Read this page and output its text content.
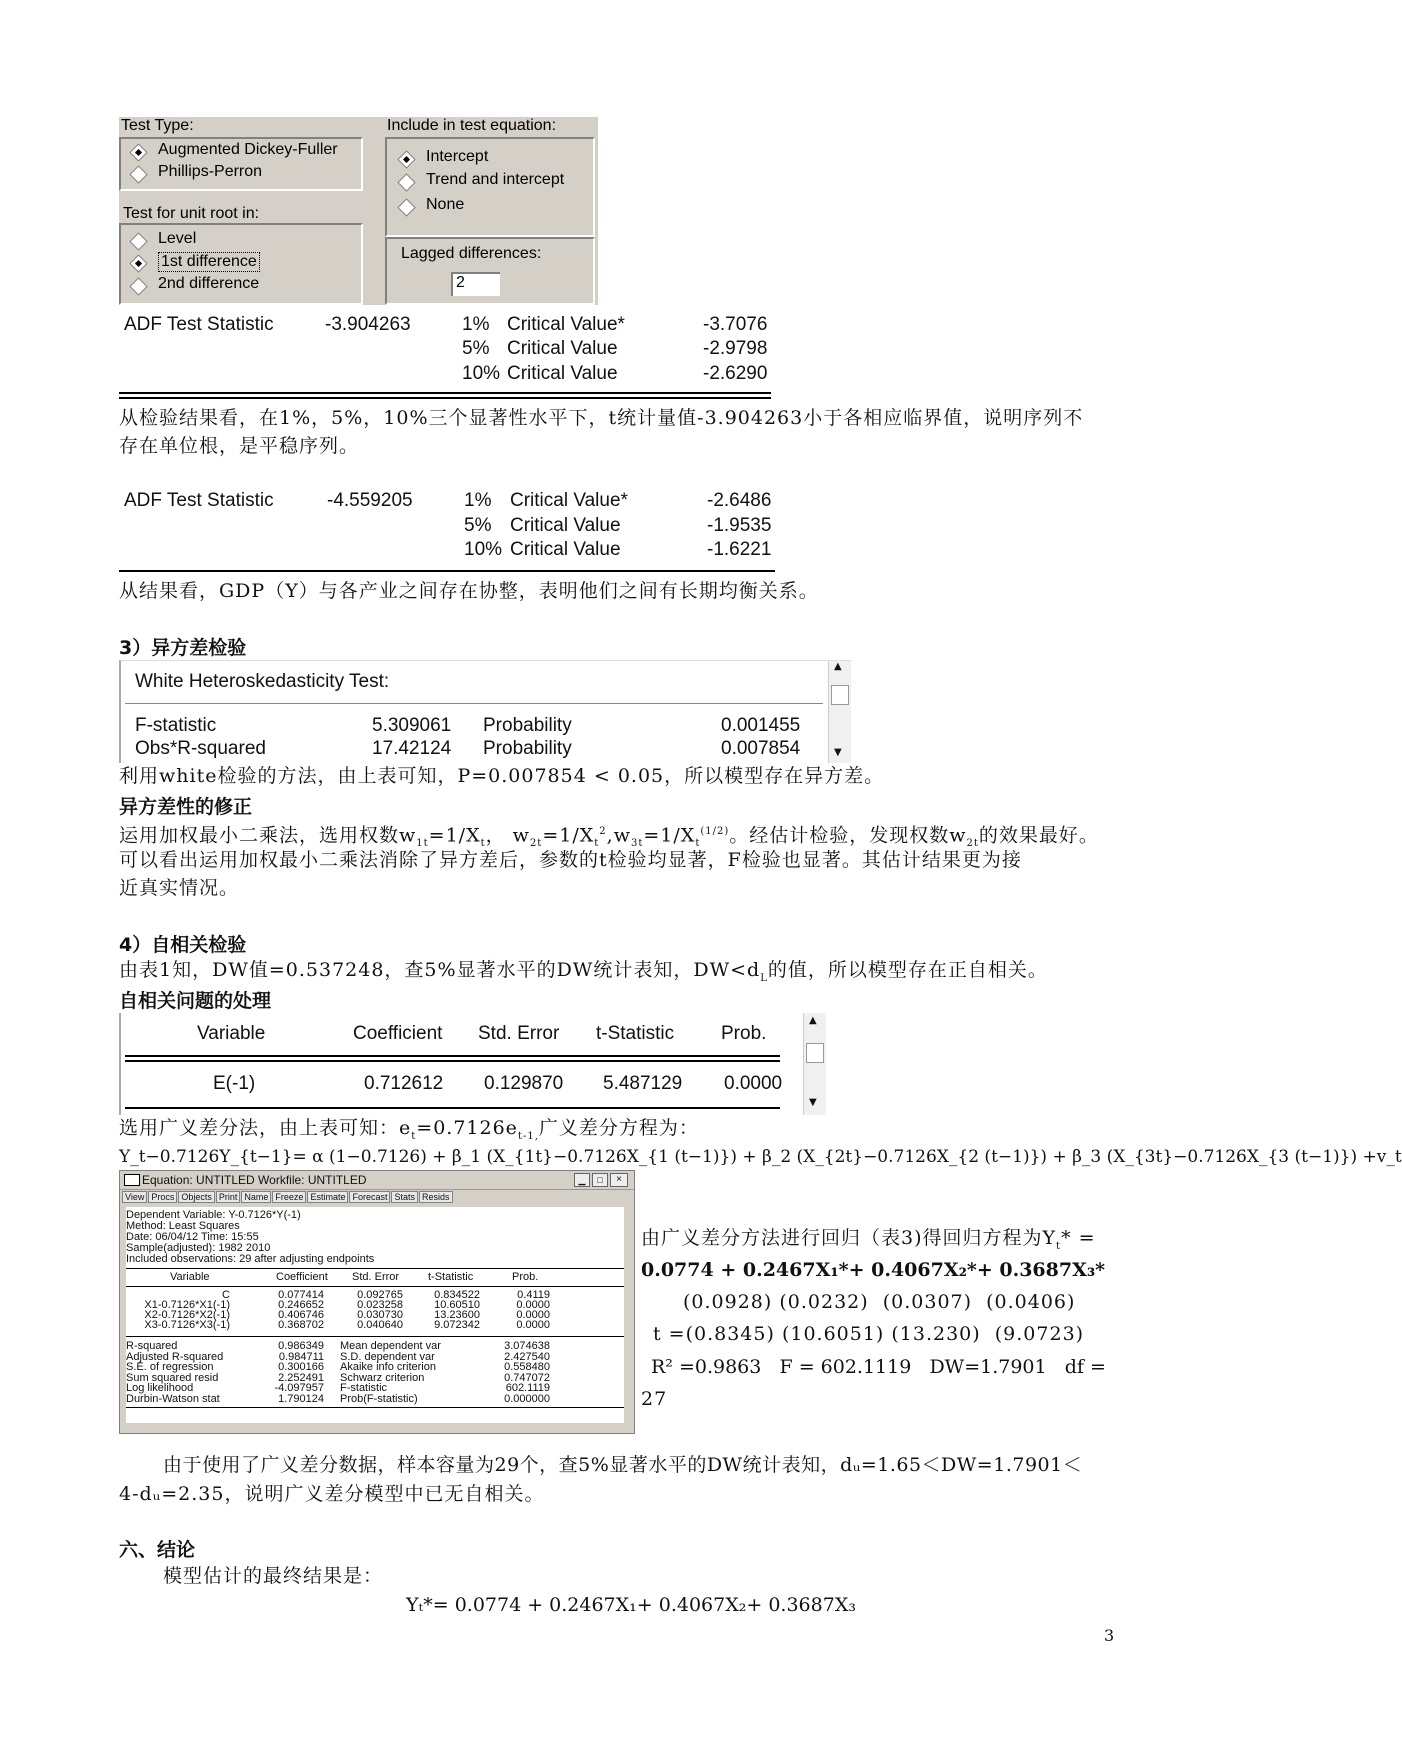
Test Type:
Augmented Dickey-Fuller
Phillips-Perron
Test for unit root in:
Level
1st difference
2nd difference
Include in test equation:
Intercept
Trend and intercept
None
Lagged differences:
2
ADF Test Statistic	-3.904263	1% Critical Value*	-3.7076
5% Critical Value	-2.9798
10% Critical Value	-2.6290
从检验结果看，在1%，5%，10%三个显著性水平下，t统计量值-3.904263小于各相应临界值，说明序列不
存在单位根，是平稳序列。
ADF Test Statistic	-4.559205	1% Critical Value*	-2.6486
5% Critical Value	-1.9535
10% Critical Value	-1.6221
从结果看，GDP（Y）与各产业之间存在协整，表明他们之间有长期均衡关系。
3）异方差检验
White Heteroskedasticity Test:
F-statistic	5.309061 Probability	0.001455
Obs*R-squared	17.42124 Probability	0.007854
▲
▼
利用white检验的方法，由上表可知，P=0.007854 < 0.05，所以模型存在异方差。
异方差性的修正
运用加权最小二乘法，选用权数$w_{1t}=1/X_t$， $w_{2t}=1/X_t^2,w_{3t}=1/X_t^{(1/2)}$。经估计检验，发现权数$w_{2t}$的效果最好。
可以看出运用加权最小二乘法消除了异方差后，参数的t检验均显著，F检验也显著。其估计结果更为接
近真实情况。
4）自相关检验
由表1知，DW值=0.537248，查5%显著水平的DW统计表知，$DW<d_L$的值，所以模型存在正自相关。
自相关问题的处理
Variable	Coefficient Std. Error t-Statistic Prob.
E(-1)	0.712612 0.129870 5.487129 0.0000
▲
▼
选用广义差分法，由上表可知：$e_t=0.7126e_{t-1,}$广义差分方程为：
Y_t−0.7126Y_{t−1}= α (1−0.7126) + β_1 (X_{1t}−0.7126X_{1 (t−1)}) + β_2 (X_{2t}−0.7126X_{2 (t−1)}) + β_3 (X_{3t}−0.7126X_{3 (t−1)}) +v_t
Equation: UNTITLED Workfile: UNTITLED	▁	□	×
View Procs Objects Print Name Freeze Estimate Forecast Stats Resids
Dependent Variable: Y-0.7126*Y(-1)
Method: Least Squares
Date: 06/04/12 Time: 15:55
Sample(adjusted): 1982 2010
Included observations: 29 after adjusting endpoints
Variable	Coefficient Std. Error	t-Statistic	Prob.
C	0.077414	0.092765	0.834522	0.4119
X1-0.7126*X1(-1)	0.246652	0.023258	10.60510	0.0000
X2-0.7126*X2(-1)	0.406746	0.030730	13.23600	0.0000
X3-0.7126*X3(-1)	0.368702	0.040640	9.072342	0.0000
R-squared	0.986349 Mean dependent var	3.074638
Adjusted R-squared	0.984711 S.D. dependent var	2.427540
S.E. of regression	0.300166 Akaike info criterion	0.558480
Sum squared resid	2.252491 Schwarz criterion	0.747072
Log likelihood	-4.097957 F-statistic	602.1119
Durbin-Watson stat	1.790124 Prob(F-statistic)	0.000000
由广义差分方法进行回归（表3)得回归方程为$Y_t*$ =
0.0774 + 0.2467X₁*+ 0.4067X₂*+ 0.3687X₃*
(0.0928) (0.0232)  (0.0307)  (0.0406)
t =(0.8345) (10.6051) (13.230)  (9.0723)
R² =0.9863   F = 602.1119   DW=1.7901   df =
27
由于使用了广义差分数据，样本容量为29个，查5%显著水平的DW统计表知，dᵤ=1.65＜DW=1.7901＜
4-dᵤ=2.35，说明广义差分模型中已无自相关。
六、结论
模型估计的最终结果是：
Yₜ*= 0.0774 + 0.2467X₁+ 0.4067X₂+ 0.3687X₃
3
